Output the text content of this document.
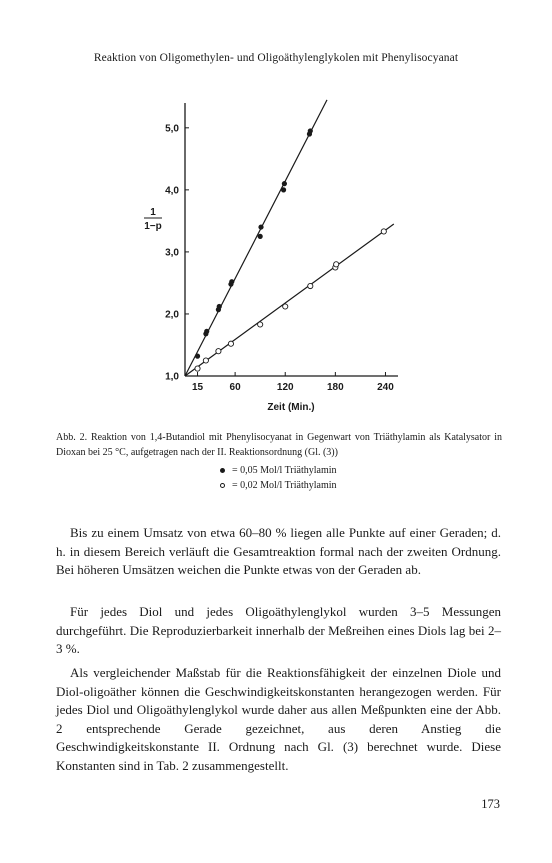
Reaktion von Oligomethylen- und Oligoäthylenglykolen mit Phenylisocyanat
1,0
2,0
3,0
4,0
5,0
15	60	120	180	240
Zeit (Min.)
1
1−p
Abb. 2. Reaktion von 1,4-Butandiol mit Phenylisocyanat in Gegenwart von Triäthylamin als Katalysator in Dioxan bei 25 °C, aufgetragen nach der II. Reaktionsordnung (Gl. (3))
= 0,05 Mol/l Triäthylamin
= 0,02 Mol/l Triäthylamin

Bis zu einem Umsatz von etwa 60–80 % liegen alle Punkte auf einer Geraden; d. h. in diesem Bereich verläuft die Gesamtreaktion formal nach der zweiten Ordnung. Bei höheren Umsätzen weichen die Punkte etwas von der Geraden ab.

Für jedes Diol und jedes Oligoäthylenglykol wurden 3–5 Messungen durchgeführt. Die Reproduzierbarkeit innerhalb der Meßreihen eines Diols lag bei 2–3 %.

Als vergleichender Maßstab für die Reaktionsfähigkeit der einzelnen Diole und Diol-oligoäther können die Geschwindigkeitskonstanten herangezogen werden. Für jedes Diol und Oligoäthylenglykol wurde daher aus allen Meßpunkten eine der Abb. 2 entsprechende Gerade gezeichnet, aus deren Anstieg die Geschwindigkeitskonstante II. Ordnung nach Gl. (3) berechnet wurde. Diese Konstanten sind in Tab. 2 zusammengestellt.

173
